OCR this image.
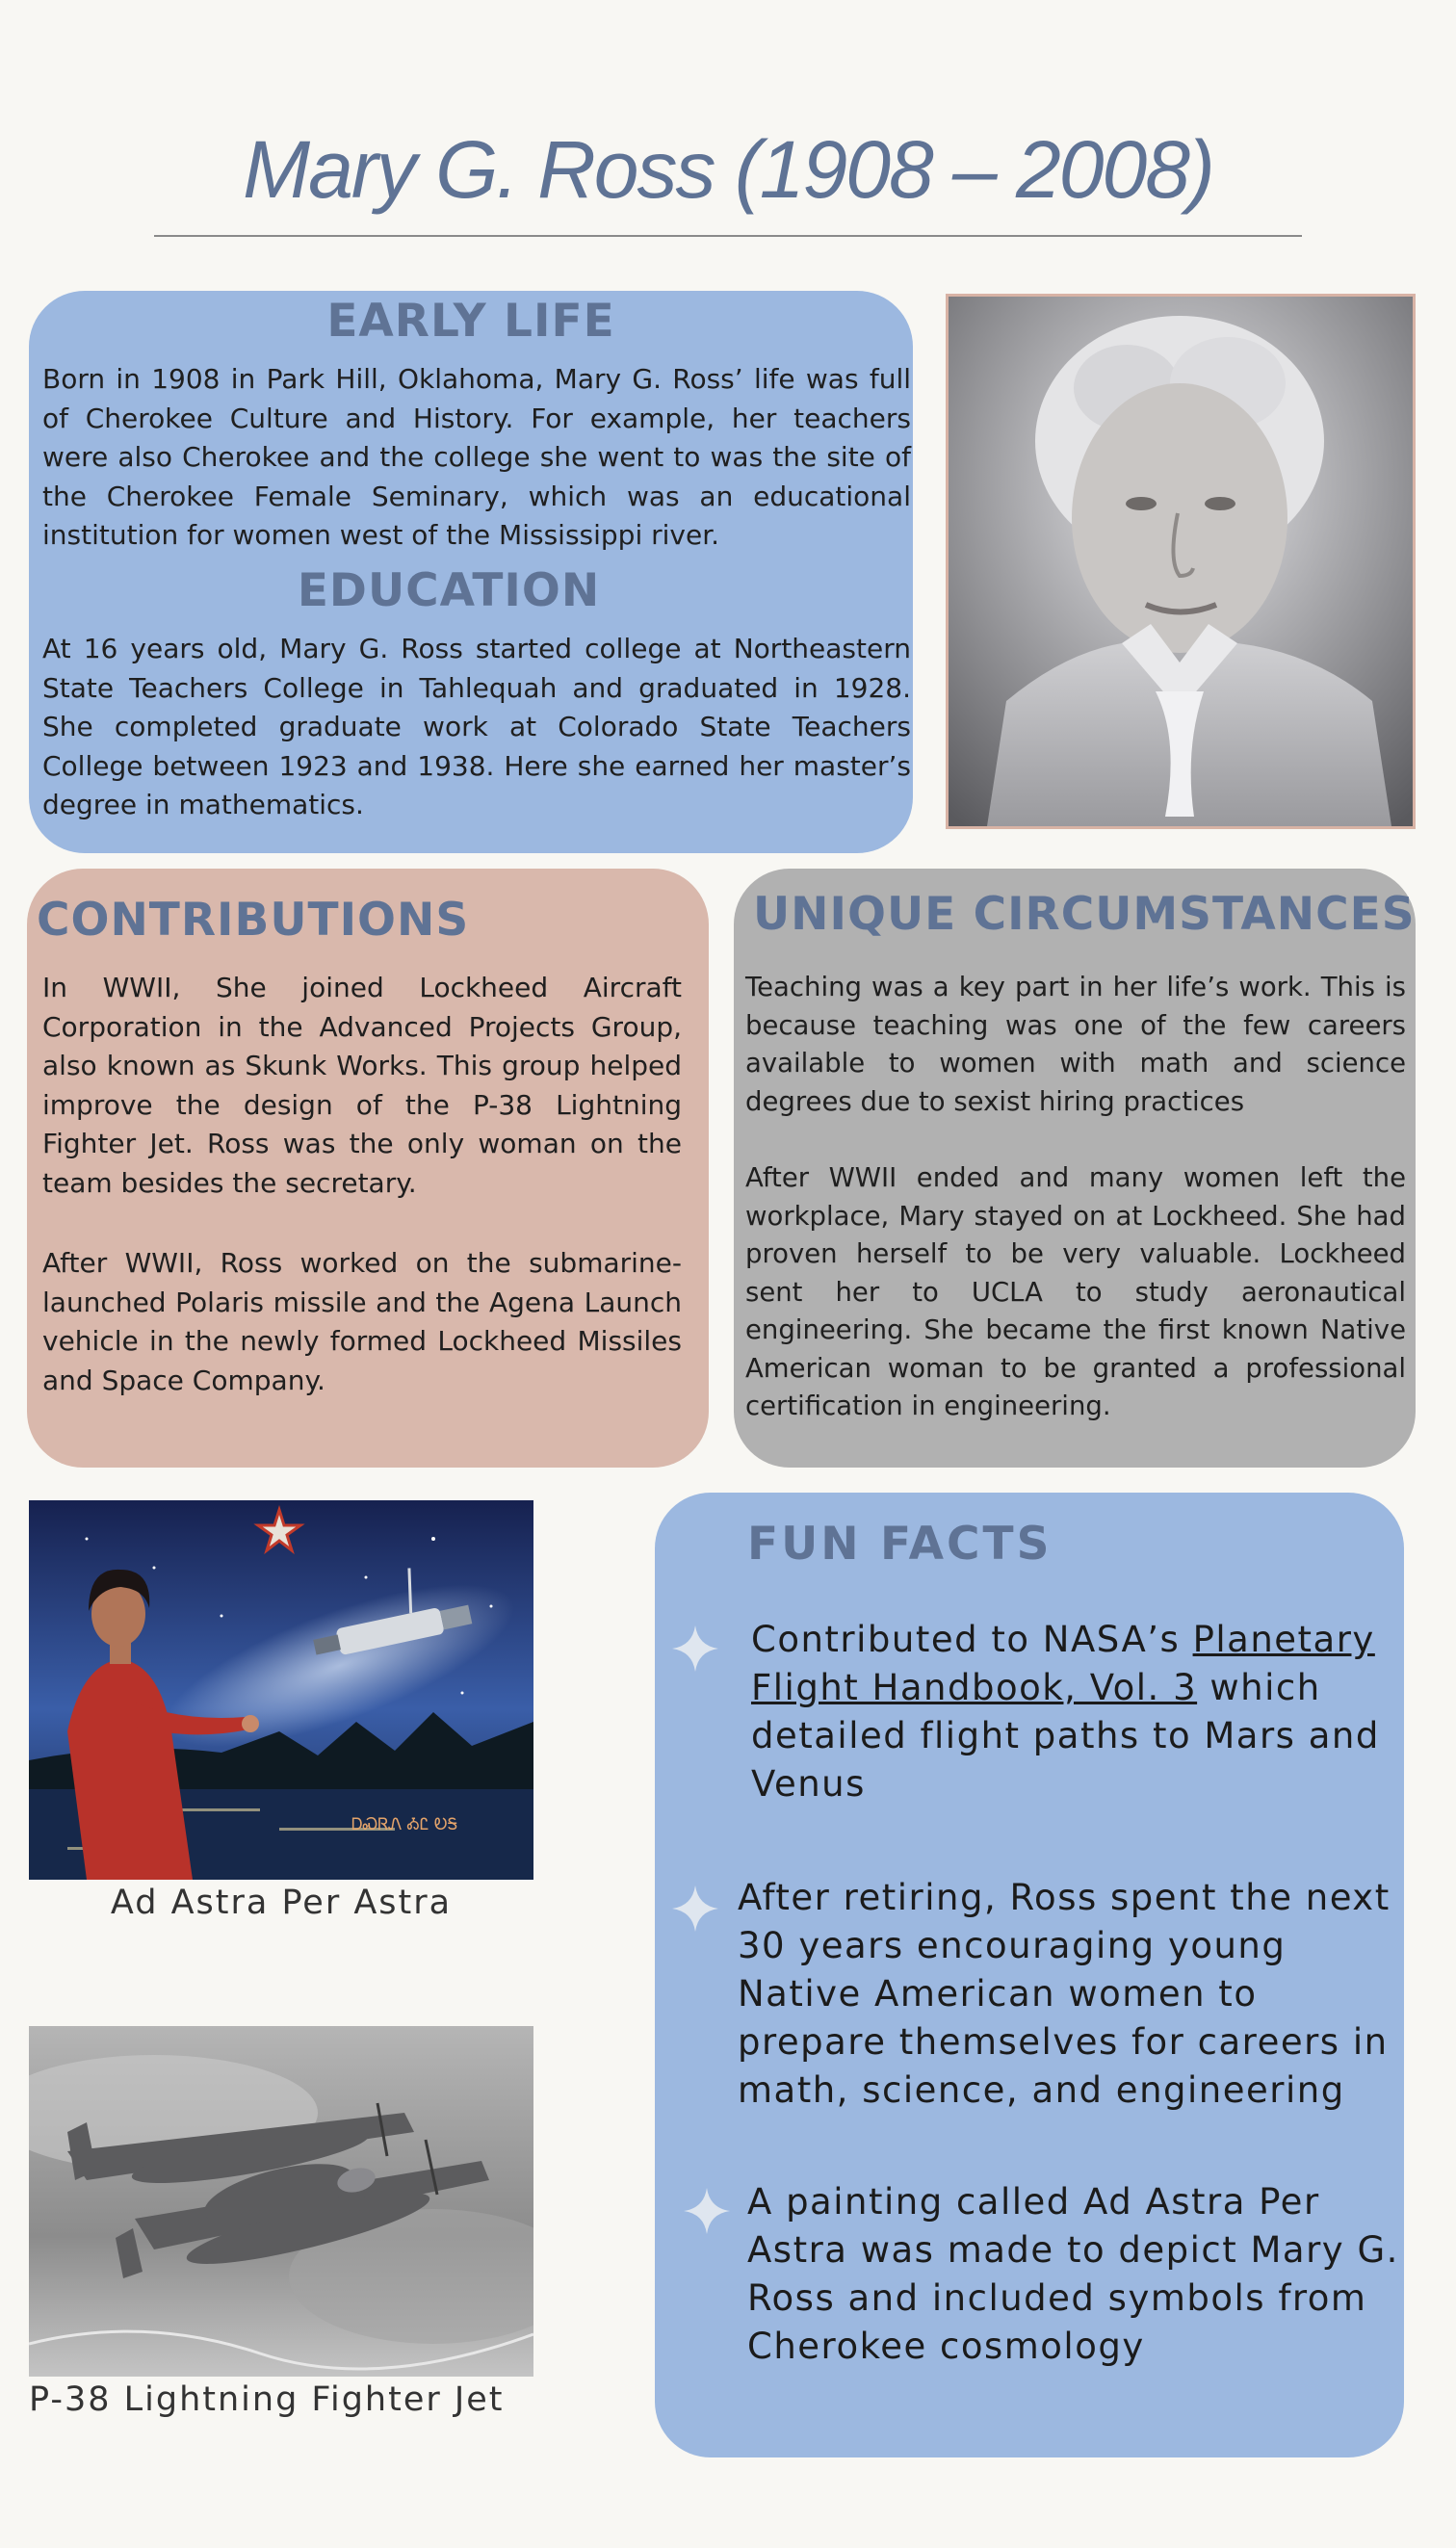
Mary G. Ross (1908 – 2008)
EARLY LIFE

Born in 1908 in Park Hill, Oklahoma, Mary G. Ross’ life was full of Cherokee Culture and History. For example, her teachers were also Cherokee and the college she went to was the site of the Cherokee Female Seminary, which was an educational institution for women west of the Mississippi river.

EDUCATION

At 16 years old, Mary G. Ross started college at Northeastern State Teachers College in Tahlequah and graduated in 1928. She completed graduate work at Colorado State Teachers College between 1923 and 1938. Here she earned her master’s degree in mathematics.

CONTRIBUTIONS

In WWII, She joined Lockheed Aircraft Corporation in the Advanced Projects Group, also known as Skunk Works. This group helped improve the design of the P-38 Lightning Fighter Jet. Ross was the only woman on the team besides the secretary.

After WWII, Ross worked on the submarine-launched Polaris missile and the Agena Launch vehicle in the newly formed Lockheed Missiles and Space Company.

UNIQUE CIRCUMSTANCES

Teaching was a key part in her life’s work. This is because teaching was one of the few careers available to women with math and science degrees due to sexist hiring practices

After WWII ended and many women left the workplace, Mary stayed on at Lockheed. She had proven herself to be very valuable. Lockheed sent her to UCLA to study aeronautical engineering. She became the first known Native American woman to be granted a professional certification in engineering.

ᎠᏍᏒᏁ ᎣᏝ ᎧᎦ
Ad Astra Per Astra
P-38 Lightning Fighter Jet
FUN FACTS

Contributed to NASA’s Planetary Flight Handbook, Vol. 3 which detailed flight paths to Mars and Venus

After retiring, Ross spent the next 30 years encouraging young Native American women to prepare themselves for careers in math, science, and engineering

A painting called Ad Astra Per Astra was made to depict Mary G. Ross and included symbols from Cherokee cosmology
